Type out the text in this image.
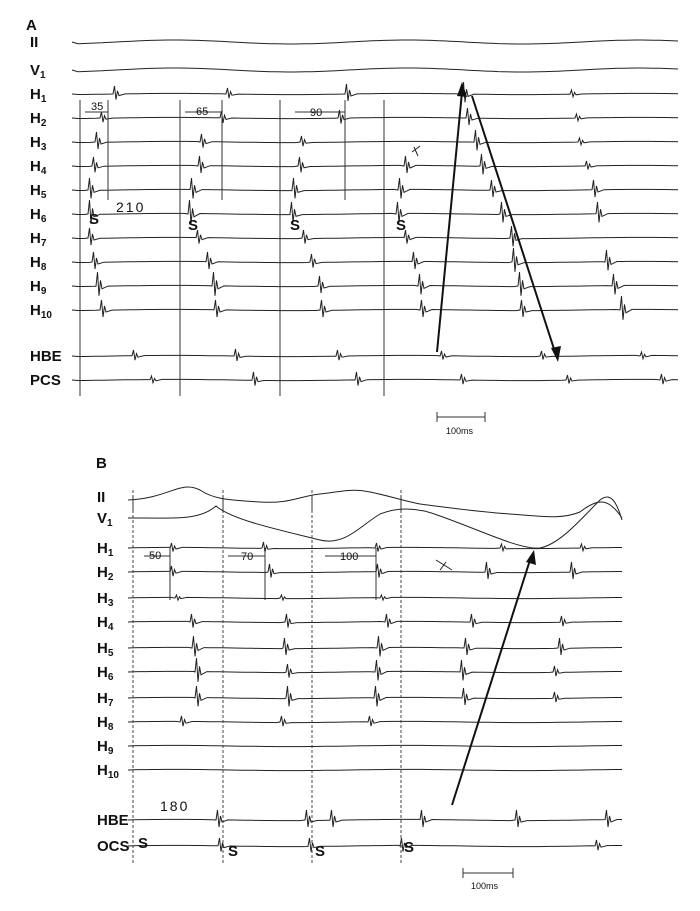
A
II
$V_1$
$H_1$
$H_2$
$H_3$
$H_4$
$H_5$
$H_6$
$H_7$
$H_8$
$H_9$
$H_{10}$
HBE
PCS
35	65	90
210
S	S	S	S
100ms
B
II
$V_1$
$H_1$
$H_2$
$H_3$
$H_4$
$H_5$
$H_6$
$H_7$
$H_8$
$H_9$
$H_{10}$
HBE
OCS
50	70	100
180
S	S	S	S
100ms
